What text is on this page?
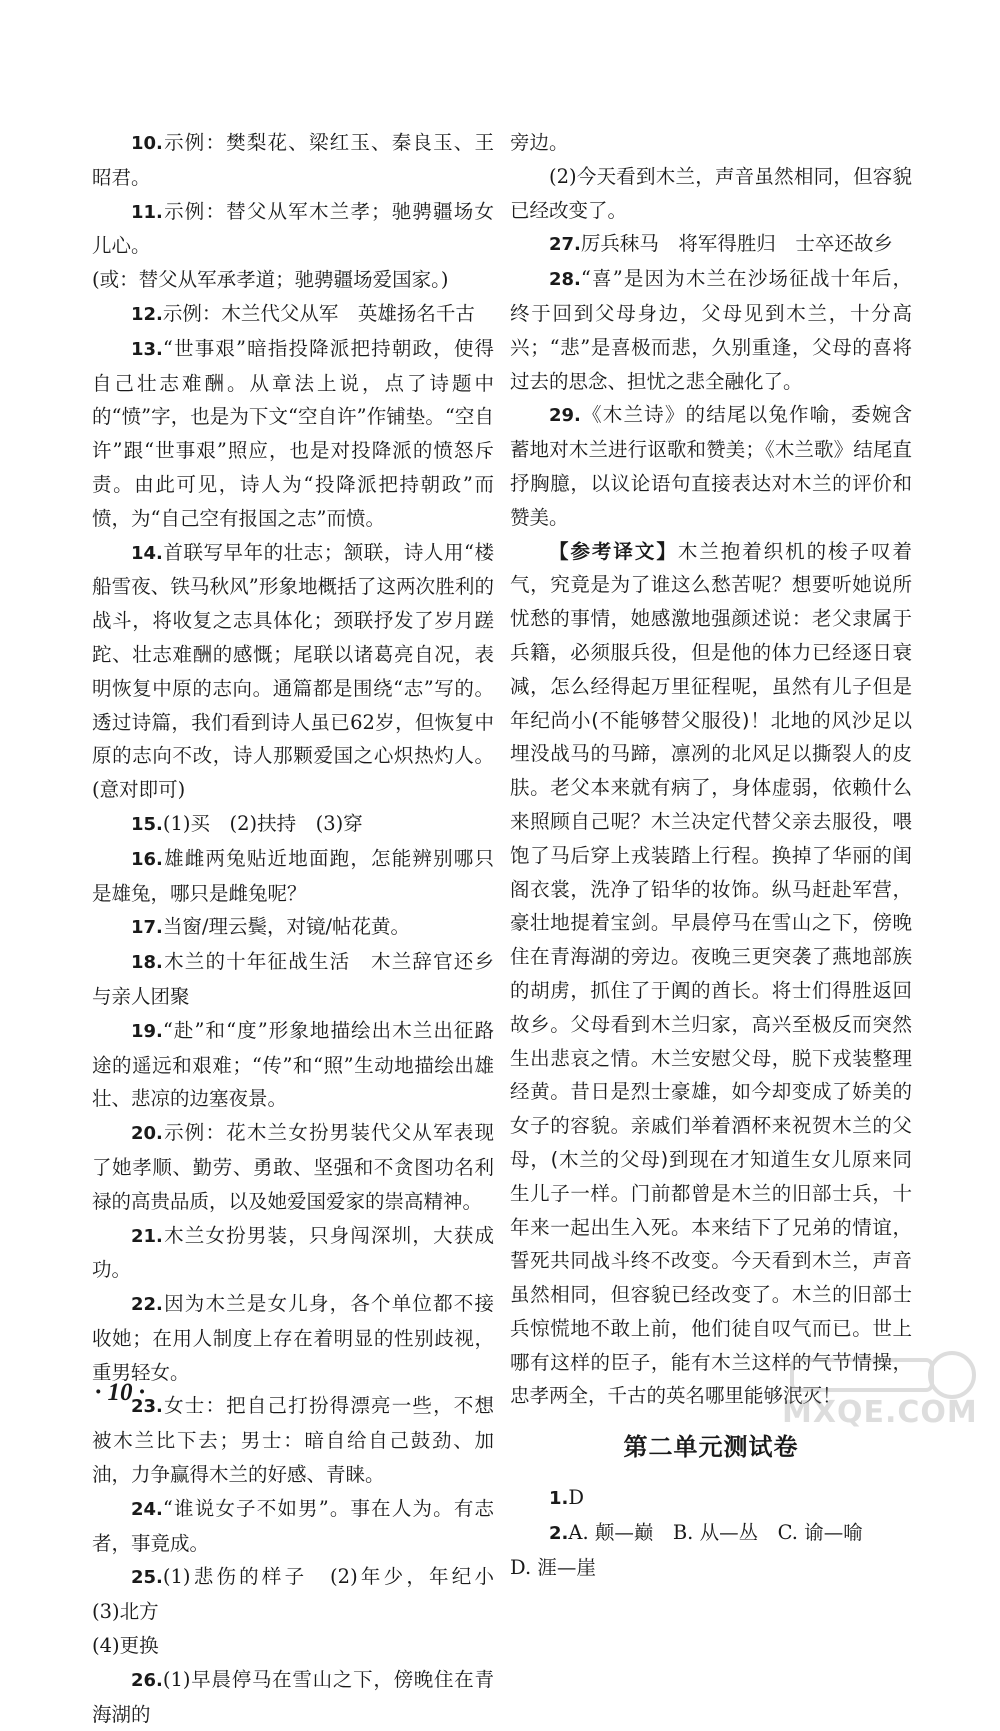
10.示例：樊梨花、梁红玉、秦良玉、王昭君。

11.示例：替父从军木兰孝；驰骋疆场女儿心。

(或：替父从军承孝道；驰骋疆场爱国家。)

12.示例：木兰代父从军　英雄扬名千古

13.“世事艰”暗指投降派把持朝政，使得自己壮志难酬。从章法上说，点了诗题中的“愤”字，也是为下文“空自许”作铺垫。“空自许”跟“世事艰”照应，也是对投降派的愤怒斥责。由此可见，诗人为“投降派把持朝政”而愤，为“自己空有报国之志”而愤。

14.首联写早年的壮志；颔联，诗人用“楼船雪夜、铁马秋风”形象地概括了这两次胜利的战斗，将收复之志具体化；颈联抒发了岁月蹉跎、壮志难酬的感慨；尾联以诸葛亮自况，表明恢复中原的志向。通篇都是围绕“志”写的。透过诗篇，我们看到诗人虽已62岁，但恢复中原的志向不改，诗人那颗爱国之心炽热灼人。(意对即可)

15.(1)买　(2)扶持　(3)穿

16.雄雌两兔贴近地面跑，怎能辨别哪只是雄兔，哪只是雌兔呢？

17.当窗/理云鬓，对镜/帖花黄。

18.木兰的十年征战生活　木兰辞官还乡与亲人团聚

19.“赴”和“度”形象地描绘出木兰出征路途的遥远和艰难；“传”和“照”生动地描绘出雄壮、悲凉的边塞夜景。

20.示例：花木兰女扮男装代父从军表现了她孝顺、勤劳、勇敢、坚强和不贪图功名利禄的高贵品质，以及她爱国爱家的崇高精神。

21.木兰女扮男装，只身闯深圳，大获成功。

22.因为木兰是女儿身，各个单位都不接收她；在用人制度上存在着明显的性别歧视，重男轻女。

23.女士：把自己打扮得漂亮一些，不想被木兰比下去；男士：暗自给自己鼓劲、加油，力争赢得木兰的好感、青睐。

24.“谁说女子不如男”。事在人为。有志者，事竟成。

25.(1)悲伤的样子　(2)年少，年纪小　(3)北方

(4)更换

26.(1)早晨停马在雪山之下，傍晚住在青海湖的

旁边。

(2)今天看到木兰，声音虽然相同，但容貌已经改变了。

27.厉兵秣马　将军得胜归　士卒还故乡

28.“喜”是因为木兰在沙场征战十年后，终于回到父母身边，父母见到木兰，十分高兴；“悲”是喜极而悲，久别重逢，父母的喜将过去的思念、担忧之悲全融化了。

29.《木兰诗》的结尾以兔作喻，委婉含蓄地对木兰进行讴歌和赞美；《木兰歌》结尾直抒胸臆，以议论语句直接表达对木兰的评价和赞美。

【参考译文】木兰抱着织机的梭子叹着气，究竟是为了谁这么愁苦呢？想要听她说所忧愁的事情，她感激地强颜述说：老父隶属于兵籍，必须服兵役，但是他的体力已经逐日衰减，怎么经得起万里征程呢，虽然有儿子但是年纪尚小(不能够替父服役)！北地的风沙足以埋没战马的马蹄，凛冽的北风足以撕裂人的皮肤。老父本来就有病了，身体虚弱，依赖什么来照顾自己呢？木兰决定代替父亲去服役，喂饱了马后穿上戎装踏上行程。换掉了华丽的闺阁衣裳，洗净了铅华的妆饰。纵马赶赴军营，豪壮地提着宝剑。早晨停马在雪山之下，傍晚住在青海湖的旁边。夜晚三更突袭了燕地部族的胡虏，抓住了于阗的酋长。将士们得胜返回故乡。父母看到木兰归家，高兴至极反而突然生出悲哀之情。木兰安慰父母，脱下戎装整理经黄。昔日是烈士豪雄，如今却变成了娇美的女子的容貌。亲戚们举着酒杯来祝贺木兰的父母，(木兰的父母)到现在才知道生女儿原来同生儿子一样。门前都曾是木兰的旧部士兵，十年来一起出生入死。本来结下了兄弟的情谊，誓死共同战斗终不改变。今天看到木兰，声音虽然相同，但容貌已经改变了。木兰的旧部士兵惊慌地不敢上前，他们徒自叹气而已。世上哪有这样的臣子，能有木兰这样的气节情操，忠孝两全，千古的英名哪里能够泯灭！

第二单元测试卷

1.D

2.A. 颠—巅　B. 从—丛　C. 谕—喻

D. 涯—崖

· 10 ·
MXQE.COM
